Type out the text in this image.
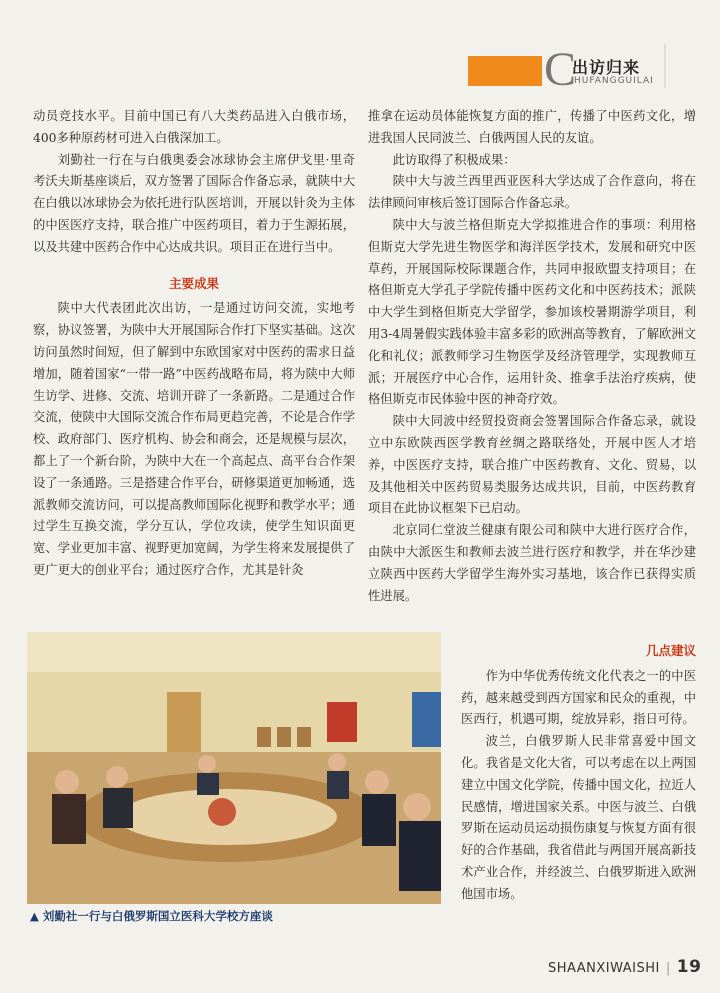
C
出访归来
HUFANGGUILAI

动员竞技水平。目前中国已有八大类药品进入白俄市场，400多种原药材可进入白俄深加工。

刘勤社一行在与白俄奥委会冰球协会主席伊戈里·里奇考沃夫斯基座谈后，双方签署了国际合作备忘录，就陕中大在白俄以冰球协会为依托进行队医培训，开展以针灸为主体的中医医疗支持，联合推广中医药项目，着力于生源拓展，以及共建中医药合作中心达成共识。项目正在进行当中。

主要成果

陕中大代表团此次出访，一是通过访问交流，实地考察，协议签署，为陕中大开展国际合作打下坚实基础。这次访问虽然时间短，但了解到中东欧国家对中医药的需求日益增加，随着国家“一带一路”中医药战略布局，将为陕中大师生访学、进修、交流、培训开辟了一条新路。二是通过合作交流，使陕中大国际交流合作布局更趋完善，不论是合作学校、政府部门、医疗机构、协会和商会，还是规模与层次，都上了一个新台阶，为陕中大在一个高起点、高平台合作架设了一条通路。三是搭建合作平台，研修渠道更加畅通，选派教师交流访问，可以提高教师国际化视野和教学水平；通过学生互换交流，学分互认，学位攻读，使学生知识面更宽、学业更加丰富、视野更加宽阔，为学生将来发展提供了更广更大的创业平台；通过医疗合作，尤其是针灸

推拿在运动员体能恢复方面的推广，传播了中医药文化，增进我国人民同波兰、白俄两国人民的友谊。

此访取得了积极成果：

陕中大与波兰西里西亚医科大学达成了合作意向，将在法律顾问审核后签订国际合作备忘录。

陕中大与波兰格但斯克大学拟推进合作的事项：利用格但斯克大学先进生物医学和海洋医学技术，发展和研究中医草药，开展国际校际课题合作，共同申报欧盟支持项目；在格但斯克大学孔子学院传播中医药文化和中医药技术；派陕中大学生到格但斯克大学留学，参加该校暑期游学项目，利用3-4周暑假实践体验丰富多彩的欧洲高等教育，了解欧洲文化和礼仪；派教师学习生物医学及经济管理学，实现教师互派；开展医疗中心合作，运用针灸、推拿手法治疗疾病，使格但斯克市民体验中医的神奇疗效。

陕中大同波中经贸投资商会签署国际合作备忘录，就设立中东欧陕西医学教育丝绸之路联络处，开展中医人才培养，中医医疗支持，联合推广中医药教育、文化、贸易，以及其他相关中医药贸易类服务达成共识，目前，中医药教育项目在此协议框架下已启动。

北京同仁堂波兰健康有限公司和陕中大进行医疗合作，由陕中大派医生和教师去波兰进行医疗和教学，并在华沙建立陕西中医药大学留学生海外实习基地，该合作已获得实质性进展。

▲ 刘勤社一行与白俄罗斯国立医科大学校方座谈
几点建议

作为中华优秀传统文化代表之一的中医药，越来越受到西方国家和民众的重视，中医西行，机遇可期，绽放异彩，指日可待。

波兰，白俄罗斯人民非常喜爱中国文化。我省是文化大省，可以考虑在以上两国建立中国文化学院，传播中国文化，拉近人民感情，增进国家关系。中医与波兰、白俄罗斯在运动员运动损伤康复与恢复方面有很好的合作基础，我省借此与两国开展高新技术产业合作，并经波兰、白俄罗斯进入欧洲他国市场。

SHAANXIWAISHI | 19
